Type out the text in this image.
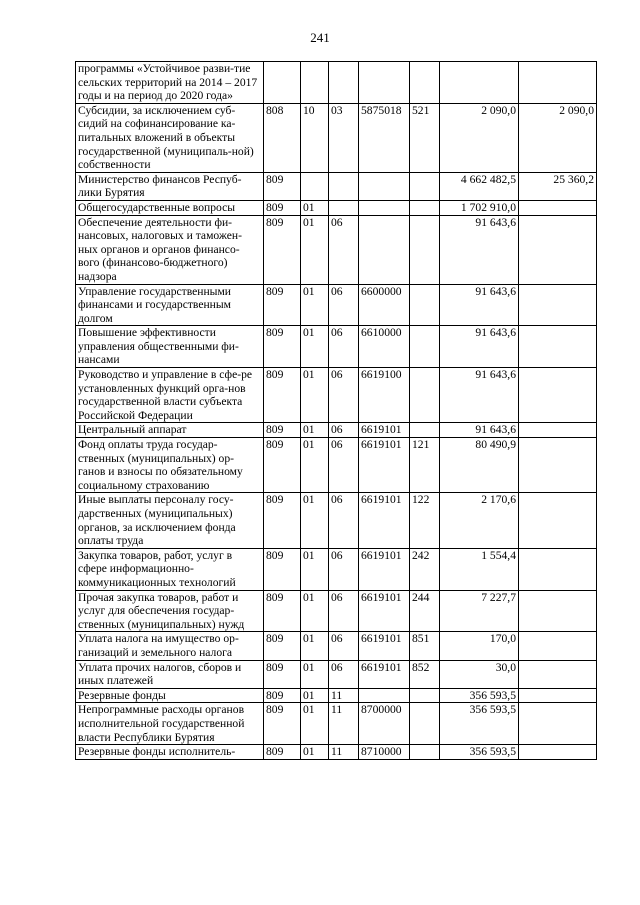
241
программы «Устойчивое разви-тие сельских территорий на 2014 – 2017 годы и на период до 2020 года»							
Субсидии, за исключением суб-сидий на софинансирование ка-питальных вложений в объекты государственной (муниципаль-ной) собственности	808	10	03	5875018	521	2 090,0	2 090,0
Министерство финансов Респуб-лики Бурятия	809					4 662 482,5	25 360,2
Общегосударственные вопросы	809	01				1 702 910,0	
Обеспечение деятельности фи-нансовых, налоговых и таможен-ных органов и органов финансо-вого (финансово-бюджетного) надзора	809	01	06			91 643,6	
Управление государственными финансами и государственным долгом	809	01	06	6600000		91 643,6	
Повышение эффективности управления общественными фи-нансами	809	01	06	6610000		91 643,6	
Руководство и управление в сфе-ре установленных функций орга-нов государственной власти субъекта Российской Федерации	809	01	06	6619100		91 643,6	
Центральный аппарат	809	01	06	6619101		91 643,6	
Фонд оплаты труда государ-ственных (муниципальных) ор-ганов и взносы по обязательному социальному страхованию	809	01	06	6619101	121	80 490,9	
Иные выплаты персоналу госу-дарственных (муниципальных) органов, за исключением фонда оплаты труда	809	01	06	6619101	122	2 170,6	
Закупка товаров, работ, услуг в сфере информационно-коммуникационных технологий	809	01	06	6619101	242	1 554,4	
Прочая закупка товаров, работ и услуг для обеспечения государ-ственных (муниципальных) нужд	809	01	06	6619101	244	7 227,7	
Уплата налога на имущество ор-ганизаций и земельного налога	809	01	06	6619101	851	170,0	
Уплата прочих налогов, сборов и иных платежей	809	01	06	6619101	852	30,0	
Резервные фонды	809	01	11			356 593,5	
Непрограммные расходы органов исполнительной государственной власти Республики Бурятия	809	01	11	8700000		356 593,5	
Резервные фонды исполнитель-	809	01	11	8710000		356 593,5	
